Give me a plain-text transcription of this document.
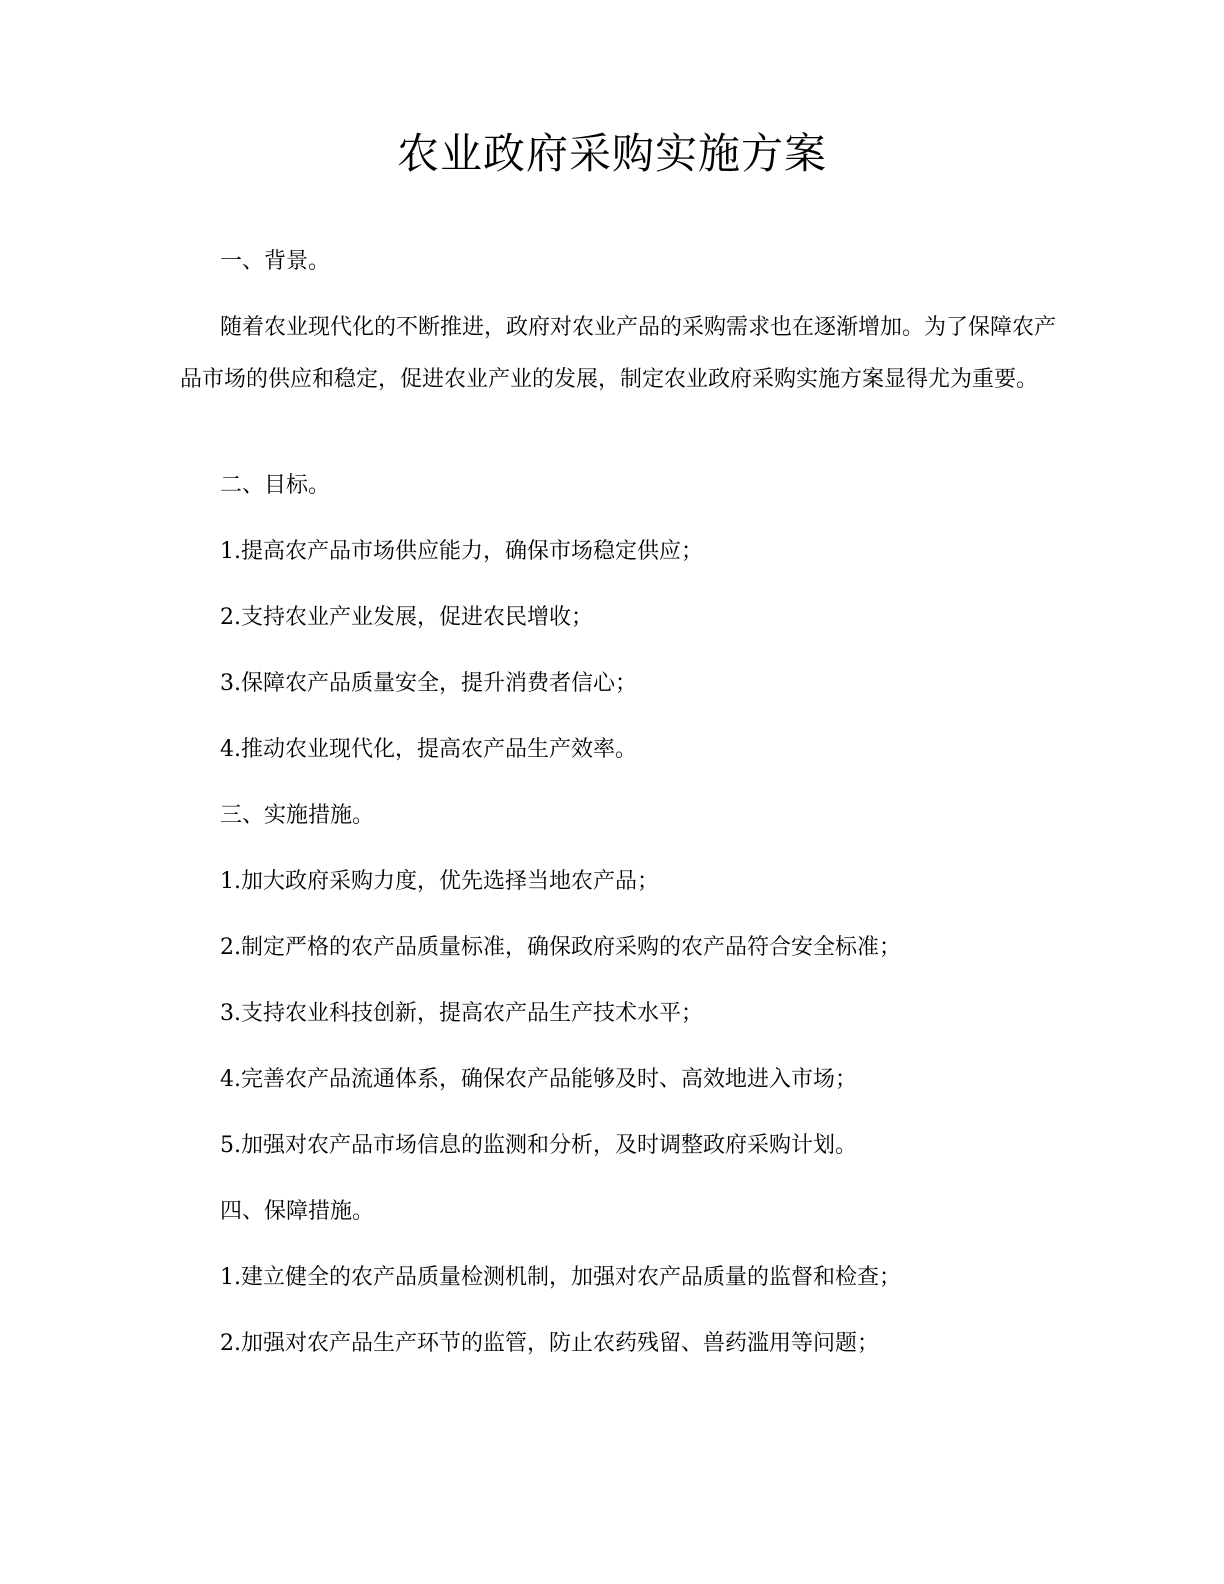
农业政府采购实施方案

一、背景。

随着农业现代化的不断推进，政府对农业产品的采购需求也在逐渐增加。为了保障农产品市场的供应和稳定，促进农业产业的发展，制定农业政府采购实施方案显得尤为重要。

二、目标。

1.提高农产品市场供应能力，确保市场稳定供应；

2.支持农业产业发展，促进农民增收；

3.保障农产品质量安全，提升消费者信心；

4.推动农业现代化，提高农产品生产效率。

三、实施措施。

1.加大政府采购力度，优先选择当地农产品；

2.制定严格的农产品质量标准，确保政府采购的农产品符合安全标准；

3.支持农业科技创新，提高农产品生产技术水平；

4.完善农产品流通体系，确保农产品能够及时、高效地进入市场；

5.加强对农产品市场信息的监测和分析，及时调整政府采购计划。

四、保障措施。

1.建立健全的农产品质量检测机制，加强对农产品质量的监督和检查；

2.加强对农产品生产环节的监管，防止农药残留、兽药滥用等问题；
